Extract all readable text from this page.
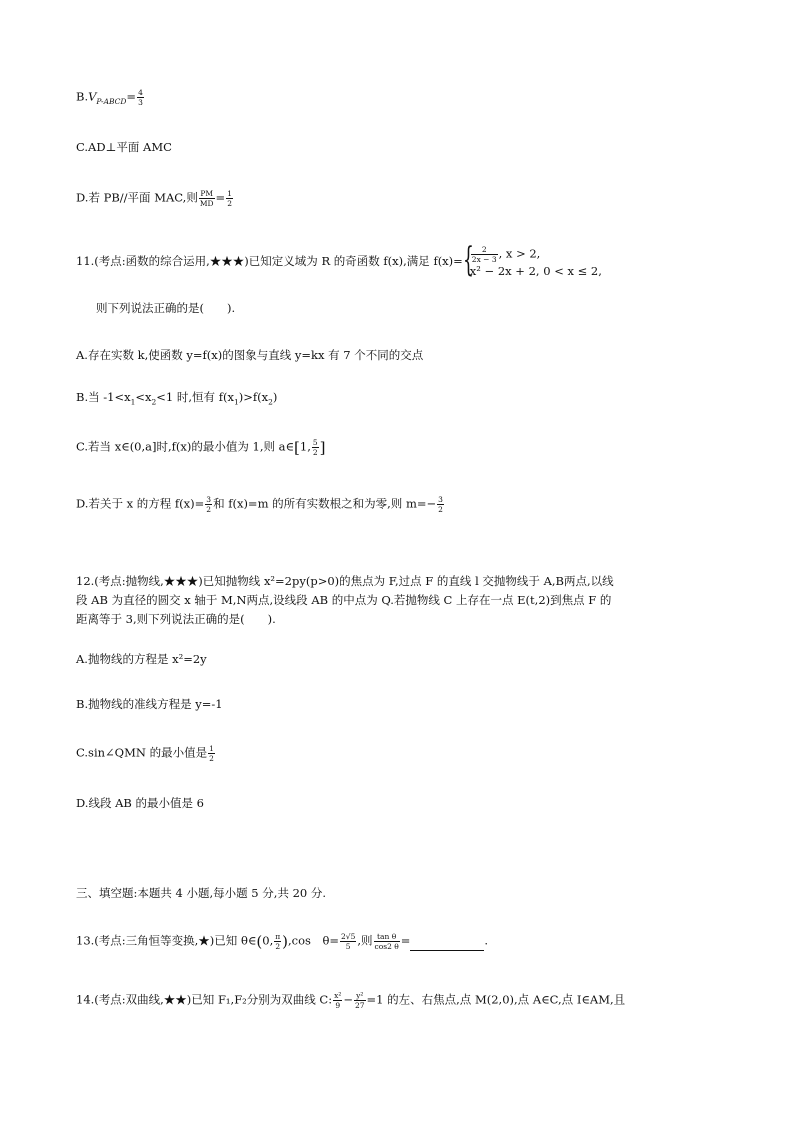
$B.V_{P-ABCD}= \frac{4}{3}$
C.AD⊥平面 AMC
D.若 PB//平面 MAC,则 $\frac{PM}{MD} = \frac{1}{2}$
11.(考点:函数的综合运用,★★★)已知定义域为 R 的奇函数 f(x),满足 f(x)= {
$\frac{2}{2x - 3}$ , x > 2,
x² − 2x + 2, 0 < x ≤ 2,
则下列说法正确的是(　　).
A.存在实数 k,使函数 y=f(x)的图象与直线 y=kx 有 7 个不同的交点
B.当 $-1<x_1<x_2<1$ 时,恒有 $f(x_1)>f(x_2)$
C.若当 x∈(0,a]时,f(x)的最小值为 1,则 a∈[1, $\frac{5}{2}$ ]
D.若关于 x 的方程 $f(x)= \frac{3}{2}$ 和 f(x)=m 的所有实数根之和为零,则 $m=- \frac{3}{2}$
12.(考点:抛物线,★★★)已知抛物线 x²=2py(p>0)的焦点为 F,过点 F 的直线 l 交抛物线于 A,B两点,以线
段 AB 为直径的圆交 x 轴于 M,N两点,设线段 AB 的中点为 Q.若抛物线 C 上存在一点 E(t,2)到焦点 F 的
距离等于 3,则下列说法正确的是(　　).
A.抛物线的方程是 x²=2y
B.抛物线的准线方程是 y=-1
C.sin∠QMN 的最小值是 $\frac{1}{2}$
D.线段 AB 的最小值是 6
三、填空题:本题共 4 小题,每小题 5 分,共 20 分.
13.(考点:三角恒等变换,★)已知 θ∈(0, $\frac{\pi}{2} ),\cos$　$\theta= \frac{2√5}{5}$ ,则 $\frac{\text{tan θ}}{\cos 2 \theta}$ =	.
14.(考点:双曲线,★★)已知 F₁,F₂分别为双曲线 C: $\frac{\text{x²}}{9} - \frac{\text{y²}}{27} =1$ 的左、右焦点,点 M(2,0),点 A∈C,点 I∈AM,且
